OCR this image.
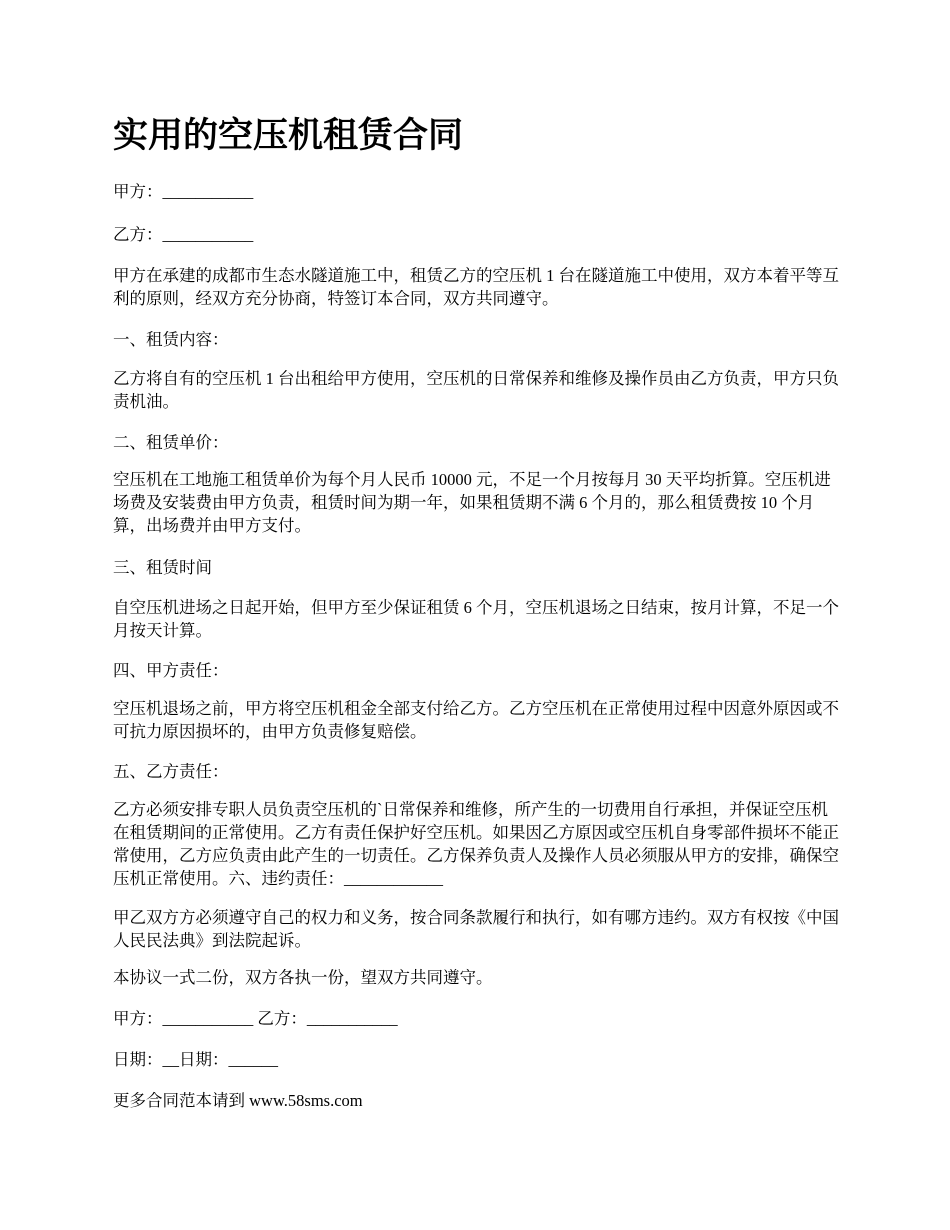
实用的空压机租赁合同

甲方：___________

乙方：___________

甲方在承建的成都市生态水隧道施工中，租赁乙方的空压机 1 台在隧道施工中使用，双方本着平等互利的原则，经双方充分协商，特签订本合同，双方共同遵守。

一、租赁内容：

乙方将自有的空压机 1 台出租给甲方使用，空压机的日常保养和维修及操作员由乙方负责，甲方只负责机油。

二、租赁单价：

空压机在工地施工租赁单价为每个月人民币 10000 元，不足一个月按每月 30 天平均折算。空压机进场费及安装费由甲方负责，租赁时间为期一年，如果租赁期不满 6 个月的，那么租赁费按 10 个月算，出场费并由甲方支付。

三、租赁时间

自空压机进场之日起开始，但甲方至少保证租赁 6 个月，空压机退场之日结束，按月计算，不足一个月按天计算。

四、甲方责任：

空压机退场之前，甲方将空压机租金全部支付给乙方。乙方空压机在正常使用过程中因意外原因或不可抗力原因损坏的，由甲方负责修复赔偿。

五、乙方责任：

乙方必须安排专职人员负责空压机的`日常保养和维修，所产生的一切费用自行承担，并保证空压机在租赁期间的正常使用。乙方有责任保护好空压机。如果因乙方原因或空压机自身零部件损坏不能正常使用，乙方应负责由此产生的一切责任。乙方保养负责人及操作人员必须服从甲方的安排，确保空压机正常使用。六、违约责任：____________

甲乙双方方必须遵守自己的权力和义务，按合同条款履行和执行，如有哪方违约。双方有权按《中国人民民法典》到法院起诉。

本协议一式二份，双方各执一份，望双方共同遵守。

甲方：___________ 乙方：___________

日期：__日期：______

更多合同范本请到 www.58sms.com
